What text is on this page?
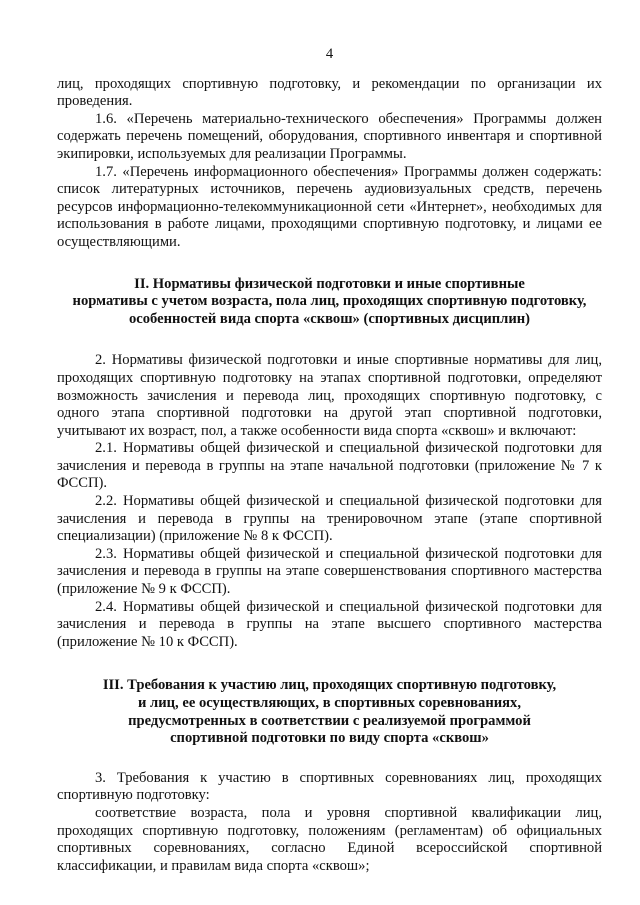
4

лиц, проходящих спортивную подготовку, и рекомендации по организации их проведения.

1.6. «Перечень материально-технического обеспечения» Программы должен содержать перечень помещений, оборудования, спортивного инвентаря и спортивной экипировки, используемых для реализации Программы.

1.7. «Перечень информационного обеспечения» Программы должен содержать: список литературных источников, перечень аудиовизуальных средств, перечень ресурсов информационно-телекоммуникационной сети «Интернет», необходимых для использования в работе лицами, проходящими спортивную подготовку, и лицами ее осуществляющими.

II. Нормативы физической подготовки и иные спортивные
нормативы с учетом возраста, пола лиц, проходящих спортивную подготовку,
особенностей вида спорта «сквош» (спортивных дисциплин)

2. Нормативы физической подготовки и иные спортивные нормативы для лиц, проходящих спортивную подготовку на этапах спортивной подготовки, определяют возможность зачисления и перевода лиц, проходящих спортивную подготовку, с одного этапа спортивной подготовки на другой этап спортивной подготовки, учитывают их возраст, пол, а также особенности вида спорта «сквош» и включают:

2.1. Нормативы общей физической и специальной физической подготовки для зачисления и перевода в группы на этапе начальной подготовки (приложение № 7 к ФССП).

2.2. Нормативы общей физической и специальной физической подготовки для зачисления и перевода в группы на тренировочном этапе (этапе спортивной специализации) (приложение № 8 к ФССП).

2.3. Нормативы общей физической и специальной физической подготовки для зачисления и перевода в группы на этапе совершенствования спортивного мастерства (приложение № 9 к ФССП).

2.4. Нормативы общей физической и специальной физической подготовки для зачисления и перевода в группы на этапе высшего спортивного мастерства (приложение № 10 к ФССП).

III. Требования к участию лиц, проходящих спортивную подготовку,
и лиц, ее осуществляющих, в спортивных соревнованиях,
предусмотренных в соответствии с реализуемой программой
спортивной подготовки по виду спорта «сквош»

3. Требования к участию в спортивных соревнованиях лиц, проходящих спортивную подготовку:

соответствие возраста, пола и уровня спортивной квалификации лиц, проходящих спортивную подготовку, положениям (регламентам) об официальных спортивных соревнованиях, согласно Единой всероссийской спортивной классификации, и правилам вида спорта «сквош»;
